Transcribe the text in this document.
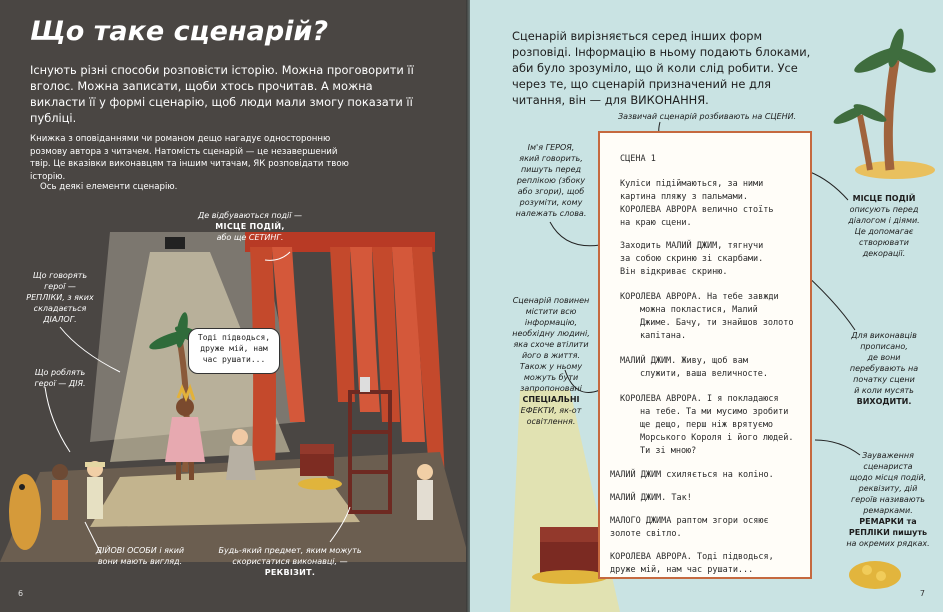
Що таке сценарій?

Існують різні способи розповісти історію. Можна проговорити її вголос. Можна записати, щоби хтось прочитав. А можна викласти її у формі сценарію, щоб люди мали змогу показати її публіці.

Книжка з оповіданнями чи романом дещо нагадує односторонню розмову автора з читачем. Натомість сценарій — це незавершений твір. Це вказівки виконавцям та іншим читачам, ЯК розповідати твою історію.

Ось деякі елементи сценарію.

Де відбуваються події —

МІСЦЕ ПОДІЙ,

або ще СЕТИНГ.

Що говорять

герої —

РЕПЛІКИ, з яких

складається

ДІАЛОГ.

Що роблять

герої — ДІЯ.

Тоді підводься,
друже мій, нам
час рушати...

ДІЙОВІ ОСОБИ і який

вони мають вигляд.

Будь-який предмет, яким можуть

скористатися виконавці, —

РЕКВІЗИТ.

6

Сценарій вирізняється серед інших форм розповіді. Інформацію в ньому подають блоками, аби було зрозуміло, що й коли слід робити. Усе через те, що сценарій призначений не для читання, він — для ВИКОНАННЯ.

Зазвичай сценарій розбивають на СЦЕНИ.

Ім'я ГЕРОЯ,

який говорить,

пишуть перед

реплікою (збоку

або згори), щоб

розуміти, кому

належать слова.

Сценарій повинен

містити всю

інформацію,

необхідну людині,

яка схоче втілити

його в життя.

Також у ньому

можуть бути

запропоновані

СПЕЦІАЛЬНІ

ЕФЕКТИ, як-от

освітлення.

МІСЦЕ ПОДІЙ

описують перед

діалогом і діями.

Це допомагає

створювати

декорації.

Для виконавців

прописано,

де вони

перебувають на

початку сцени

й коли мусять

ВИХОДИТИ.

Зауваження

сценариста

щодо місця подій,

реквізиту, дій

героїв називають

ремарками.

РЕМАРКИ та

РЕПЛІКИ пишуть

на окремих рядках.

СЦЕНА 1

Куліси підіймаються, за ними

картина пляжу з пальмами.

КОРОЛЕВА АВРОРА велично стоїть

на краю сцени.

Заходить МАЛИЙ ДЖИМ, тягнучи

за собою скриню зі скарбами.

Він відкриває скриню.

КОРОЛЕВА АВРОРА. На тебе завжди

можна покластися, Малий

Джиме. Бачу, ти знайшов золото

капітана.

МАЛИЙ ДЖИМ. Живу, щоб вам

служити, ваша величносте.

КОРОЛЕВА АВРОРА. І я покладаюся

на тебе. Та ми мусимо зробити

ще дещо, перш ніж врятуємо

Морського Короля і його людей.

Ти зі мною?

МАЛИЙ ДЖИМ схиляється на коліно.

МАЛИЙ ДЖИМ. Так!

МАЛОГО ДЖИМА раптом згори осяює

золоте світло.

КОРОЛЕВА АВРОРА. Тоді підводься,

друже мій, нам час рушати...

7
